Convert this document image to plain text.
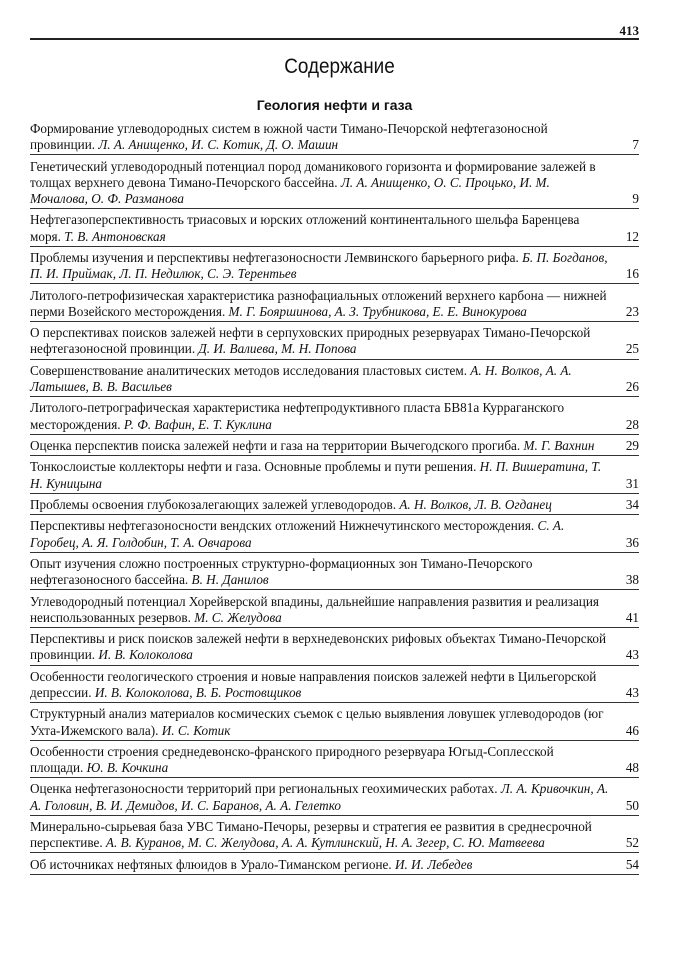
413
Содержание
Геология нефти и газа
Формирование углеводородных систем в южной части Тимано-Печорской нефтегазоносной провинции. Л. А. Анищенко, И. С. Котик, Д. О. Машин	7
Генетический углеводородный потенциал пород доманикового горизонта и формирование залежей в толщах верхнего девона Тимано-Печорского бассейна. Л. А. Анищенко, О. С. Процько, И. М. Мочалова, О. Ф. Разманова	9
Нефтегазоперспективность триасовых и юрских отложений континентального шельфа Баренцева моря. Т. В. Антоновская	12
Проблемы изучения и перспективы нефтегазоносности Лемвинского барьерного рифа. Б. П. Богданов, П. И. Приймак, Л. П. Недилюк, С. Э. Терентьев	16
Литолого-петрофизическая характеристика разнофациальных отложений верхнего карбона — нижней перми Возейского месторождения. М. Г. Бояршинова, А. З. Трубникова, Е. Е. Винокурова	23
О перспективах поисков залежей нефти в серпуховских природных резервуарах Тимано-Печорской нефтегазоносной провинции. Д. И. Валиева, М. Н. Попова	25
Совершенствование аналитических методов исследования пластовых систем. А. Н. Волков, А. А. Латышев, В. В. Васильев	26
Литолого-петрографическая характеристика нефтепродуктивного пласта БВ81а Курраганского месторождения. Р. Ф. Вафин, Е. Т. Куклина	28
Оценка перспектив поиска залежей нефти и газа на территории Вычегодского прогиба. М. Г. Вахнин	29
Тонкослоистые коллекторы нефти и газа. Основные проблемы и пути решения. Н. П. Вишератина, Т. Н. Куницына	31
Проблемы освоения глубокозалегающих залежей углеводородов. А. Н. Волков, Л. В. Огданец	34
Перспективы нефтегазоносности вендских отложений Нижнечутинского месторождения. С. А. Горобец, А. Я. Голдобин, Т. А. Овчарова	36
Опыт изучения сложно построенных структурно-формационных зон Тимано-Печорского нефтегазоносного бассейна. В. Н. Данилов	38
Углеводородный потенциал Хорейверской впадины, дальнейшие направления развития и реализация неиспользованных резервов. М. С. Желудова	41
Перспективы и риск поисков залежей нефти в верхнедевонских рифовых объектах Тимано-Печорской провинции. И. В. Колоколова	43
Особенности геологического строения и новые направления поисков залежей нефти в Цильегорской депрессии. И. В. Колоколова, В. Б. Ростовщиков	43
Структурный анализ материалов космических съемок с целью выявления ловушек углеводородов (юг Ухта-Ижемского вала). И. С. Котик	46
Особенности строения среднедевонско-франского природного резервуара Югыд-Соплесской площади. Ю. В. Кочкина	48
Оценка нефтегазоносности территорий при региональных геохимических работах. Л. А. Кривочкин, А. А. Головин, В. И. Демидов, И. С. Баранов, А. А. Гелетко	50
Минерально-сырьевая база УВС Тимано-Печоры, резервы и стратегия ее развития в среднесрочной перспективе. А. В. Куранов, М. С. Желудова, А. А. Кутлинский, Н. А. Зегер, С. Ю. Матвеева	52
Об источниках нефтяных флюидов в Урало-Тиманском регионе. И. И. Лебедев	54
